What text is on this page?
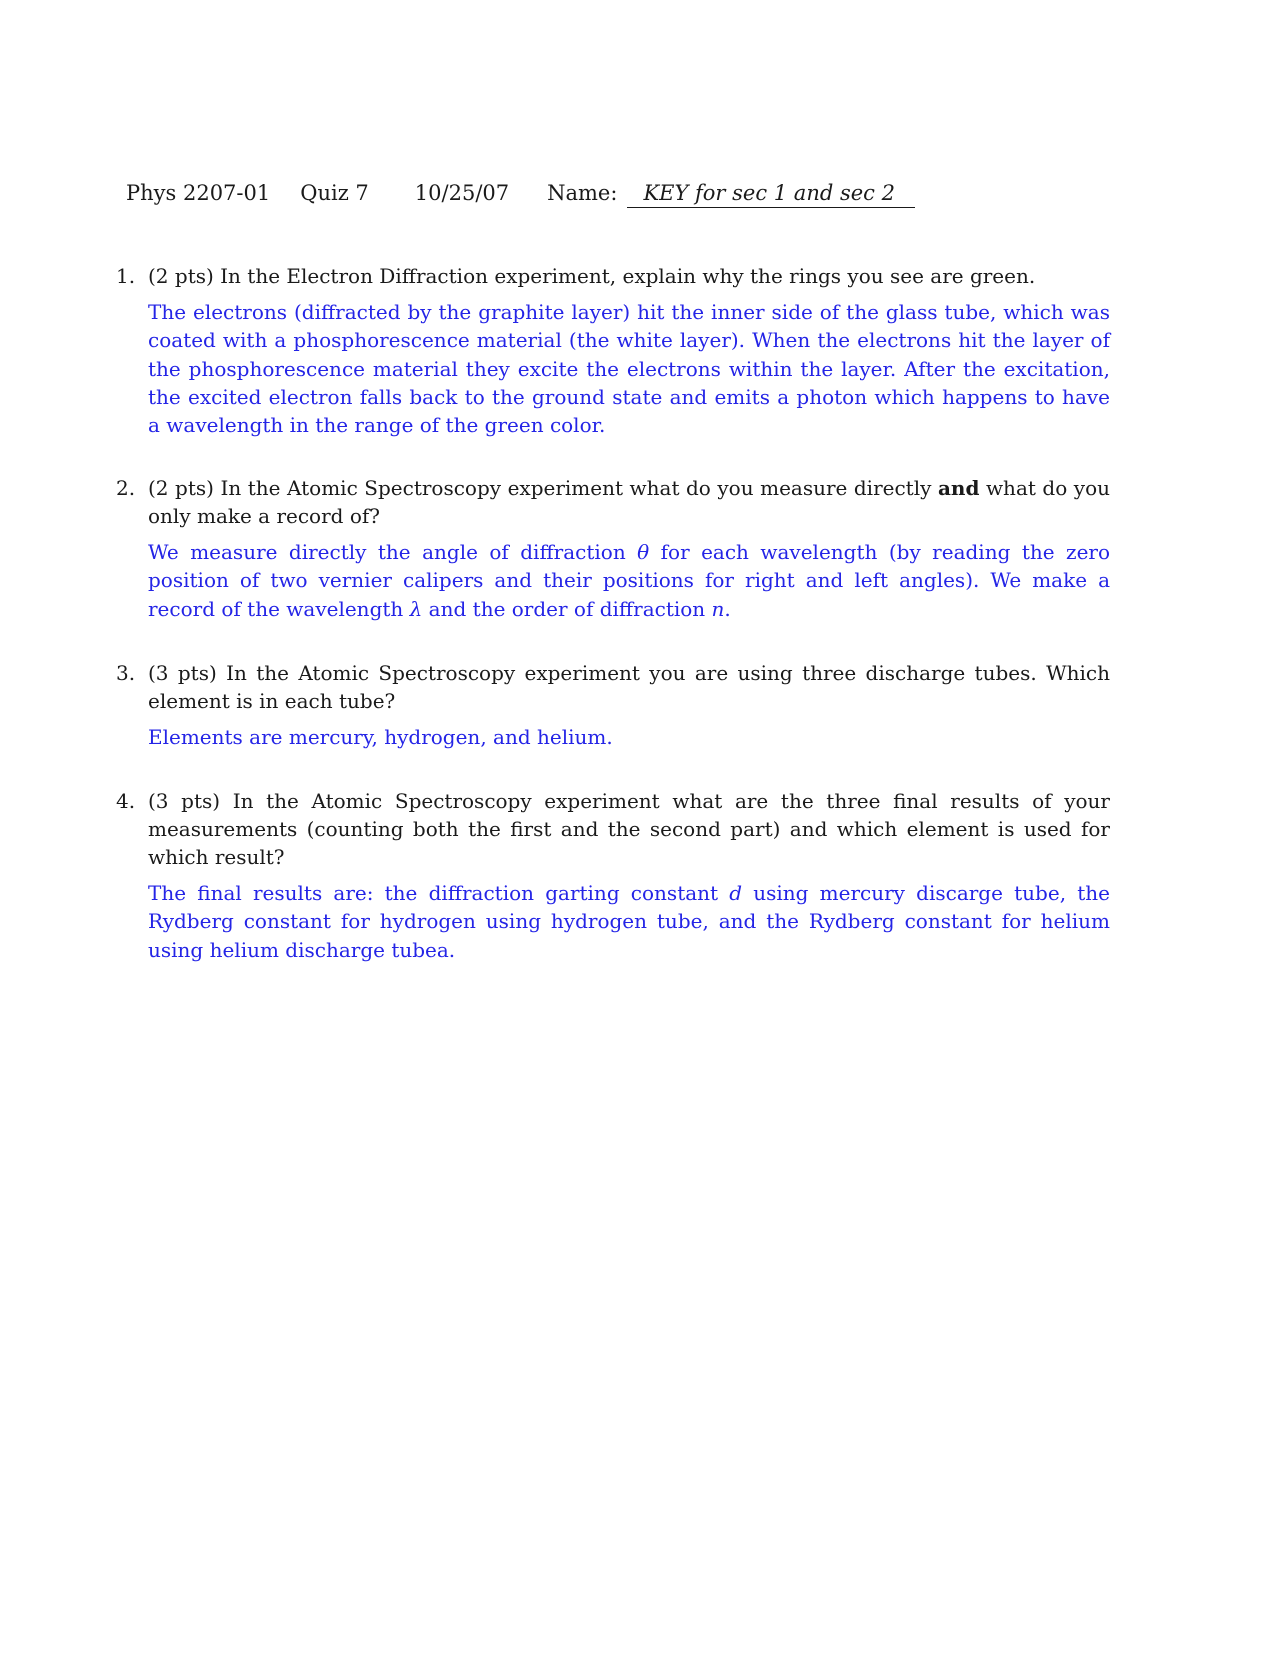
Phys 2207-01 Quiz 7 10/25/07 Name:	KEY for sec 1 and sec 2
1. (2 pts) In the Electron Diffraction experiment, explain why the rings you see are green.
The electrons (diffracted by the graphite layer) hit the inner side of the glass tube, which was coated with a phosphorescence material (the white layer). When the electrons hit the layer of the phosphorescence material they excite the electrons within the layer. After the excitation, the excited electron falls back to the ground state and emits a photon which happens to have a wavelength in the range of the green color.
2. (2 pts) In the Atomic Spectroscopy experiment what do you measure directly and what do you only make a record of?
We measure directly the angle of diffraction θ for each wavelength (by reading the zero position of two vernier calipers and their positions for right and left angles). We make a record of the wavelength λ and the order of diffraction n.
3. (3 pts) In the Atomic Spectroscopy experiment you are using three discharge tubes. Which element is in each tube?
Elements are mercury, hydrogen, and helium.
4. (3 pts) In the Atomic Spectroscopy experiment what are the three final results of your measurements (counting both the first and the second part) and which element is used for which result?
The final results are: the diffraction garting constant d using mercury discarge tube, the Rydberg constant for hydrogen using hydrogen tube, and the Rydberg constant for helium using helium discharge tubea.
